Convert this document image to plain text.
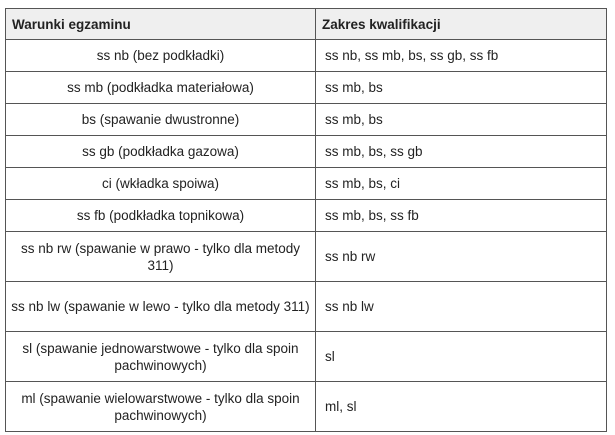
Warunki egzaminu	Zakres kwalifikacji
ss nb (bez podkładki)	ss nb, ss mb, bs, ss gb, ss fb
ss mb (podkładka materiałowa)	ss mb, bs
bs (spawanie dwustronne)	ss mb, bs
ss gb (podkładka gazowa)	ss mb, bs, ss gb
ci (wkładka spoiwa)	ss mb, bs, ci
ss fb (podkładka topnikowa)	ss mb, bs, ss fb
ss nb rw (spawanie w prawo - tylko dla metody 311)	ss nb rw
ss nb lw (spawanie w lewo - tylko dla metody 311)	ss nb lw
sl (spawanie jednowarstwowe - tylko dla spoin pachwinowych)	sl
ml (spawanie wielowarstwowe - tylko dla spoin pachwinowych)	ml, sl
